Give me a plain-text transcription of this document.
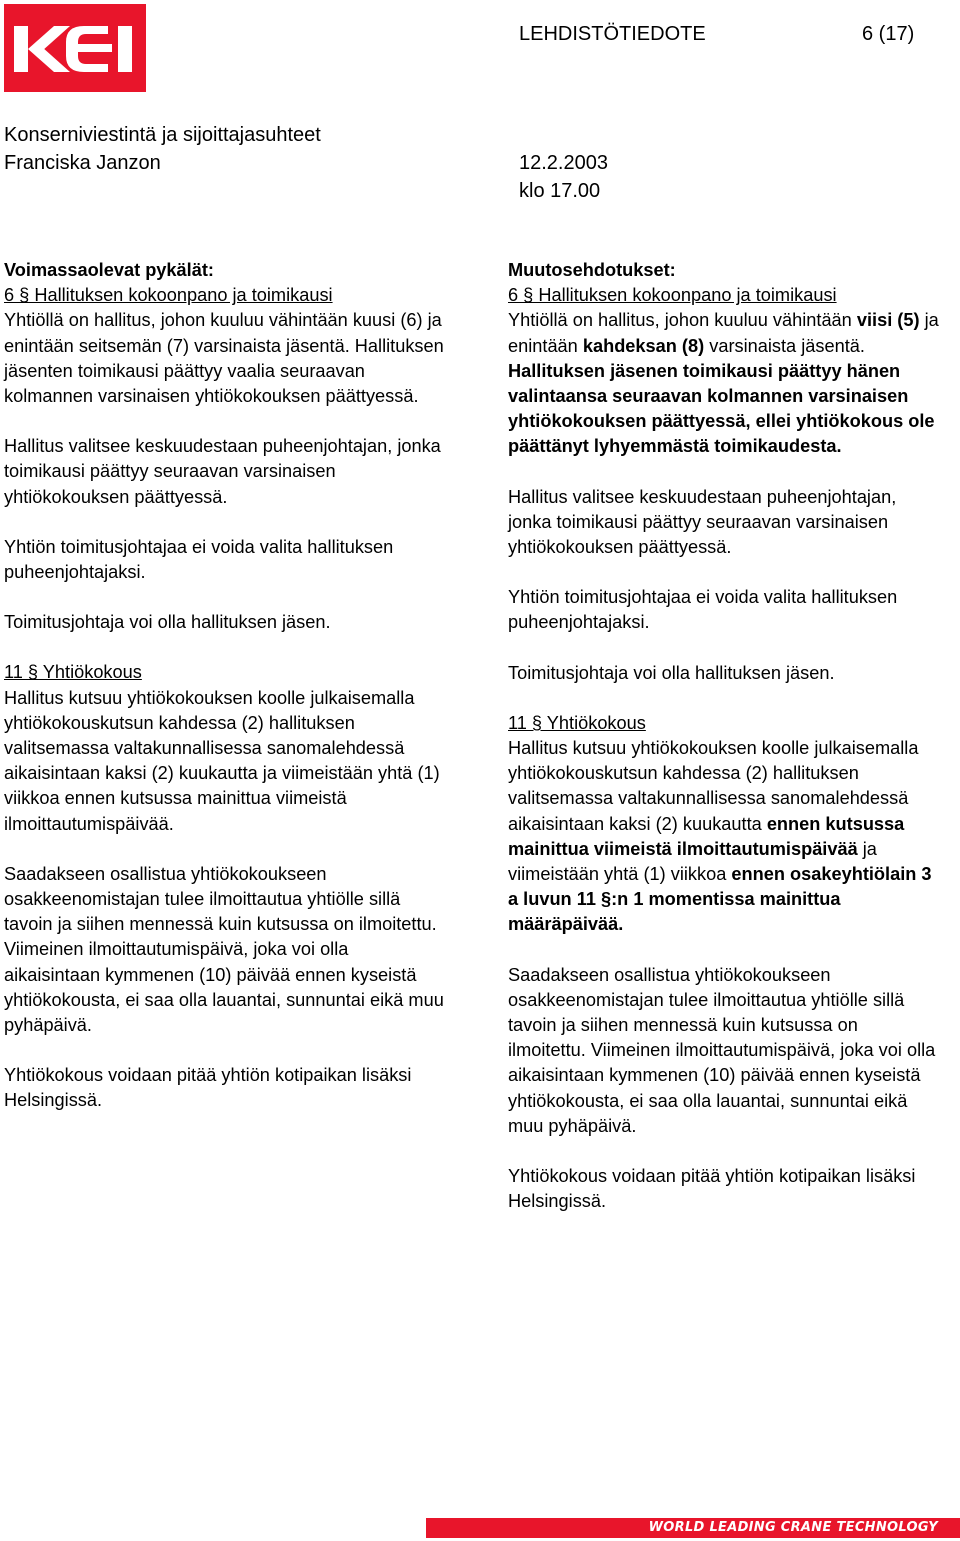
LEHDISTÖTIEDOTE	6 (17)
Konserniviestintä ja sijoittajasuhteet
Franciska Janzon	12.2.2003
klo 17.00

Voimassaolevat pykälät:
6 § Hallituksen kokoonpano ja toimikausi
Yhtiöllä on hallitus, johon kuuluu vähintään kuusi (6) ja enintään seitsemän (7) varsinaista jäsentä. Hallituksen jäsenten toimikausi päättyy vaalia seuraavan kolmannen varsinaisen yhtiökokouksen päättyessä.

Hallitus valitsee keskuudestaan puheenjohtajan, jonka toimikausi päättyy seuraavan varsinaisen yhtiökokouksen päättyessä.

Yhtiön toimitusjohtajaa ei voida valita hallituksen puheenjohtajaksi.

Toimitusjohtaja voi olla hallituksen jäsen.

11 § Yhtiökokous
Hallitus kutsuu yhtiökokouksen koolle julkaisemalla yhtiökokouskutsun kahdessa (2) hallituksen valitsemassa valtakunnallisessa sanomalehdessä aikaisintaan kaksi (2) kuukautta ja viimeistään yhtä (1) viikkoa ennen kutsussa mainittua viimeistä ilmoittautumispäivää.

Saadakseen osallistua yhtiökokoukseen osakkeenomistajan tulee ilmoittautua yhtiölle sillä tavoin ja siihen mennessä kuin kutsussa on ilmoitettu. Viimeinen ilmoittautumispäivä, joka voi olla aikaisintaan kymmenen (10) päivää ennen kyseistä yhtiökokousta, ei saa olla lauantai, sunnuntai eikä muu pyhäpäivä.

Yhtiökokous voidaan pitää yhtiön kotipaikan lisäksi Helsingissä.

Muutosehdotukset:
6 § Hallituksen kokoonpano ja toimikausi
Yhtiöllä on hallitus, johon kuuluu vähintään viisi (5) ja enintään kahdeksan (8) varsinaista jäsentä. Hallituksen jäsenen toimikausi päättyy hänen valintaansa seuraavan kolmannen varsinaisen yhtiökokouksen päättyessä, ellei yhtiökokous ole päättänyt lyhyemmästä toimikaudesta.

Hallitus valitsee keskuudestaan puheenjohtajan, jonka toimikausi päättyy seuraavan varsinaisen yhtiökokouksen päättyessä.

Yhtiön toimitusjohtajaa ei voida valita hallituksen puheenjohtajaksi.

Toimitusjohtaja voi olla hallituksen jäsen.

11 § Yhtiökokous
Hallitus kutsuu yhtiökokouksen koolle julkaisemalla yhtiökokouskutsun kahdessa (2) hallituksen valitsemassa valtakunnallisessa sanomalehdessä aikaisintaan kaksi (2) kuukautta ennen kutsussa mainittua viimeistä ilmoittautumispäivää ja viimeistään yhtä (1) viikkoa ennen osakeyhtiölain 3 a luvun 11 §:n 1 momentissa mainittua määräpäivää.

Saadakseen osallistua yhtiökokoukseen osakkeenomistajan tulee ilmoittautua yhtiölle sillä tavoin ja siihen mennessä kuin kutsussa on ilmoitettu. Viimeinen ilmoittautumispäivä, joka voi olla aikaisintaan kymmenen (10) päivää ennen kyseistä yhtiökokousta, ei saa olla lauantai, sunnuntai eikä muu pyhäpäivä.

Yhtiökokous voidaan pitää yhtiön kotipaikan lisäksi Helsingissä.

WORLD LEADING CRANE TECHNOLOGY
